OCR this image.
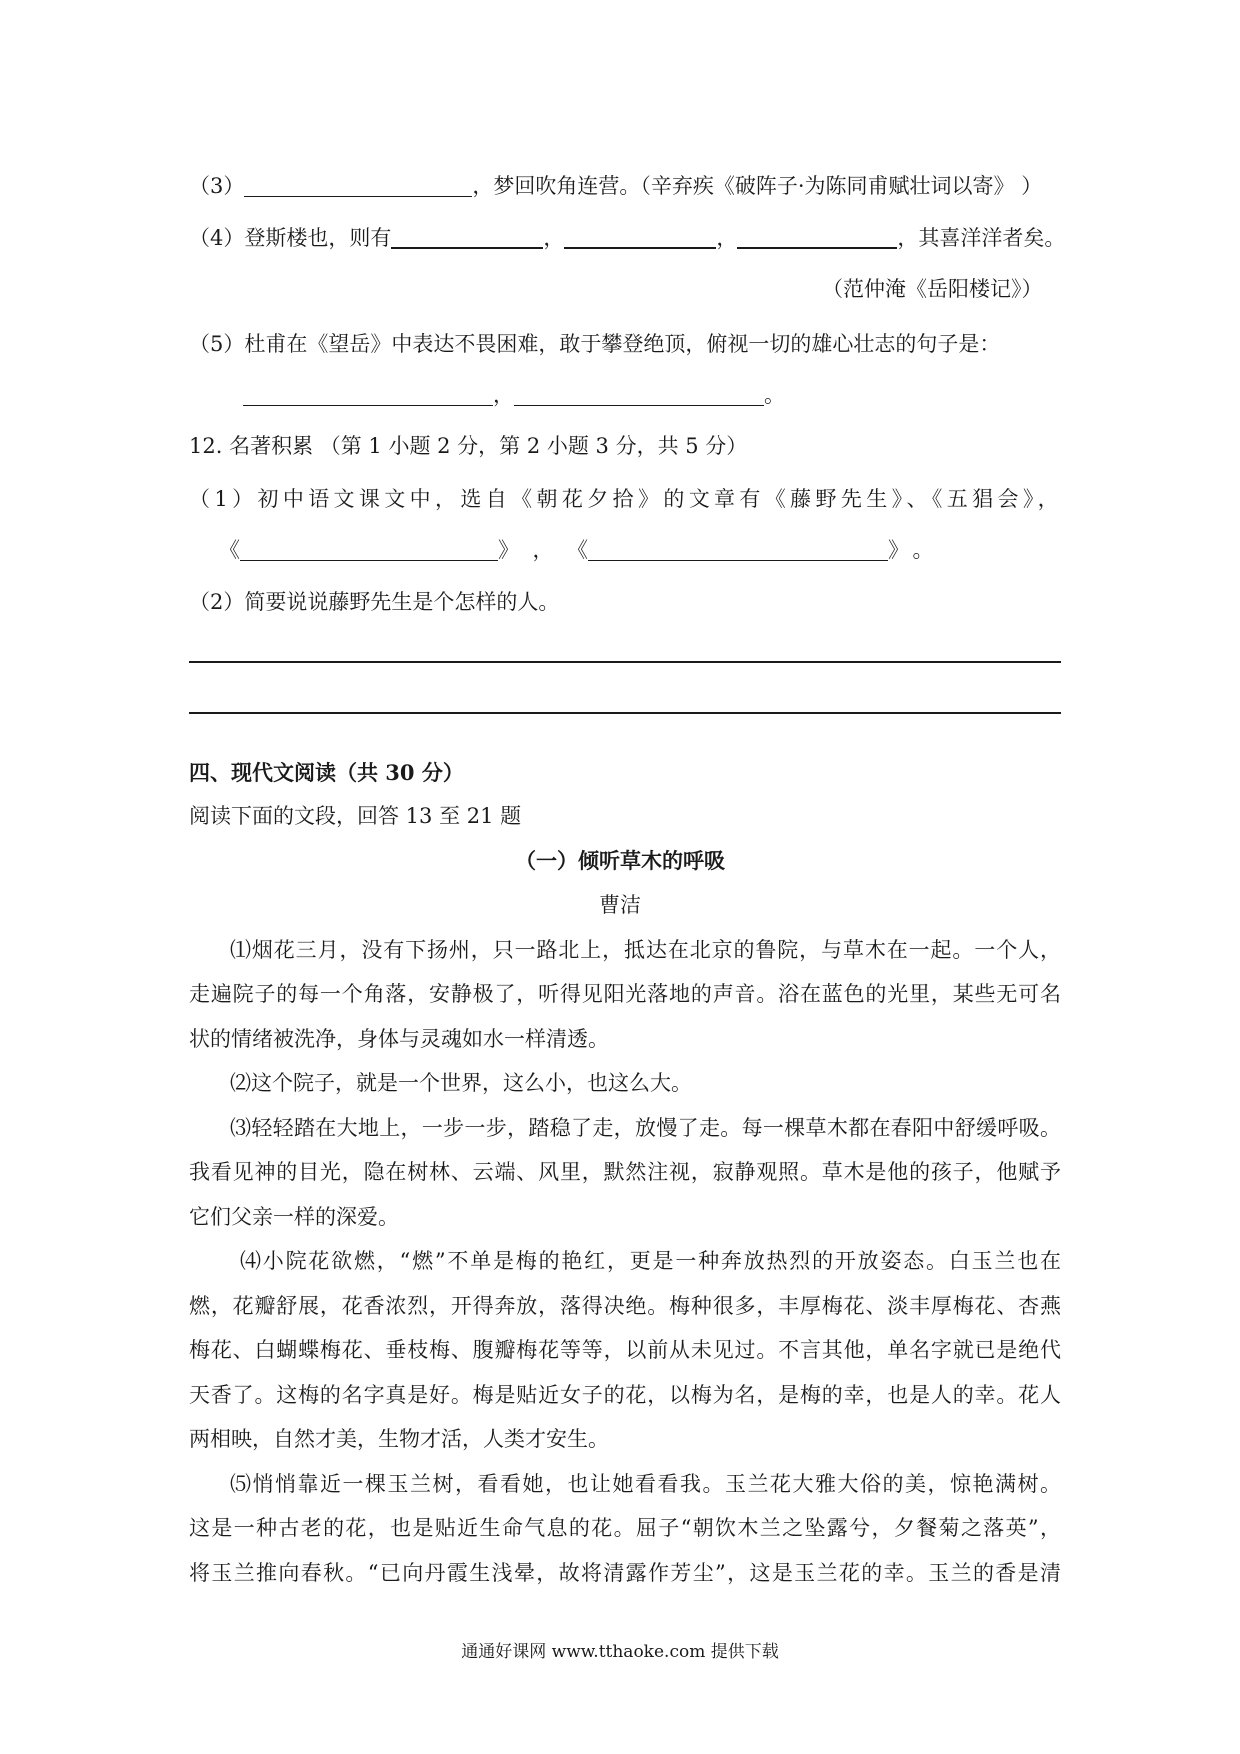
（3）	，梦回吹角连营。（辛弃疾《破阵子·为陈同甫赋壮词以寄》 ）
（4）登斯楼也，则有	，	，	，其喜洋洋者矣。
（范仲淹《岳阳楼记》）
（5）杜甫在《望岳》中表达不畏困难，敢于攀登绝顶，俯视一切的雄心壮志的句子是：
，	。
12. 名著积累 （第 1 小题 2 分，第 2 小题 3 分，共 5 分）
（1）初中语文课文中，选自《朝花夕拾》的文章有《藤野先生》、《五猖会》，
《	》 ， 《	》 。
（2）简要说说藤野先生是个怎样的人。
四、现代文阅读（共 30 分）
阅读下面的文段，回答 13 至 21 题
（一）倾听草木的呼吸
曹洁
⑴烟花三月，没有下扬州，只一路北上，抵达在北京的鲁院，与草木在一起。一个人，
走遍院子的每一个角落，安静极了，听得见阳光落地的声音。浴在蓝色的光里，某些无可名
状的情绪被洗净，身体与灵魂如水一样清透。
⑵这个院子，就是一个世界，这么小，也这么大。
⑶轻轻踏在大地上，一步一步，踏稳了走，放慢了走。每一棵草木都在春阳中舒缓呼吸。
我看见神的目光，隐在树林、云端、风里，默然注视，寂静观照。草木是他的孩子，他赋予
它们父亲一样的深爱。
⑷小院花欲燃，“燃”不单是梅的艳红，更是一种奔放热烈的开放姿态。白玉兰也在
燃，花瓣舒展，花香浓烈，开得奔放，落得决绝。梅种很多，丰厚梅花、淡丰厚梅花、杏燕
梅花、白蝴蝶梅花、垂枝梅、腹瓣梅花等等，以前从未见过。不言其他，单名字就已是绝代
天香了。这梅的名字真是好。梅是贴近女子的花，以梅为名，是梅的幸，也是人的幸。花人
两相映，自然才美，生物才活，人类才安生。
⑸悄悄靠近一棵玉兰树，看看她，也让她看看我。玉兰花大雅大俗的美，惊艳满树。
这是一种古老的花，也是贴近生命气息的花。屈子“朝饮木兰之坠露兮，夕餐菊之落英”，
将玉兰推向春秋。“已向丹霞生浅晕，故将清露作芳尘”，这是玉兰花的幸。玉兰的香是清
通通好课网 www.tthaoke.com 提供下载
